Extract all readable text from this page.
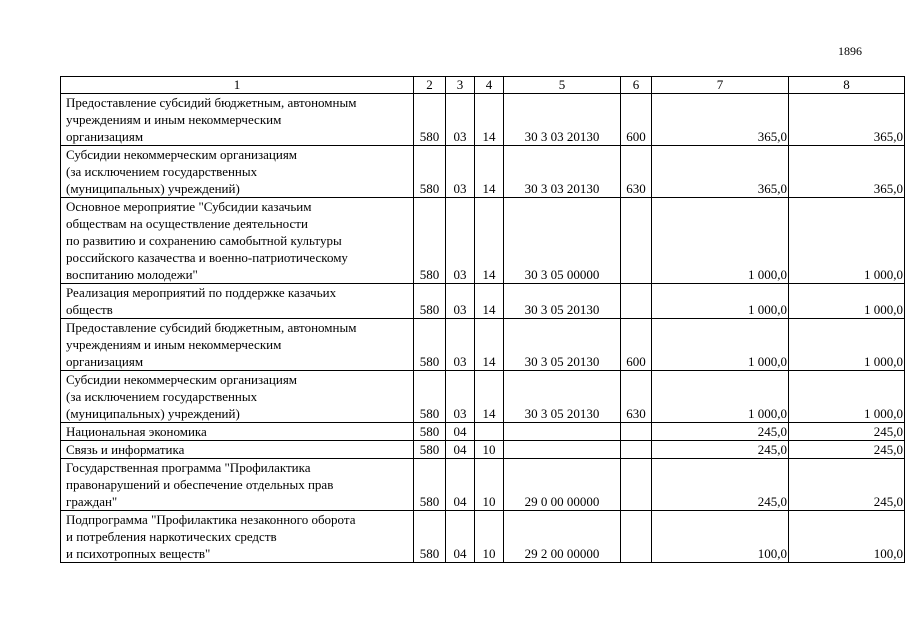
1896
1	2	3	4	5	6	7	8
Предоставление субсидий бюджетным, автономным
учреждениям и иным некоммерческим
организациям	580	03	14	30 3 03 20130	600	365,0	365,0
Субсидии некоммерческим организациям
(за исключением государственных
(муниципальных) учреждений)	580	03	14	30 3 03 20130	630	365,0	365,0
Основное мероприятие "Субсидии казачьим
обществам на осуществление деятельности
по развитию и сохранению самобытной культуры
российского казачества и военно-патриотическому
воспитанию молодежи"	580	03	14	30 3 05 00000		1 000,0	1 000,0
Реализация мероприятий по поддержке казачьих
обществ	580	03	14	30 3 05 20130		1 000,0	1 000,0
Предоставление субсидий бюджетным, автономным
учреждениям и иным некоммерческим
организациям	580	03	14	30 3 05 20130	600	1 000,0	1 000,0
Субсидии некоммерческим организациям
(за исключением государственных
(муниципальных) учреждений)	580	03	14	30 3 05 20130	630	1 000,0	1 000,0
Национальная экономика	580	04				245,0	245,0
Связь и информатика	580	04	10			245,0	245,0
Государственная программа "Профилактика
правонарушений и обеспечение отдельных прав
граждан"	580	04	10	29 0 00 00000		245,0	245,0
Подпрограмма "Профилактика незаконного оборота
и потребления наркотических средств
и психотропных веществ"	580	04	10	29 2 00 00000		100,0	100,0
